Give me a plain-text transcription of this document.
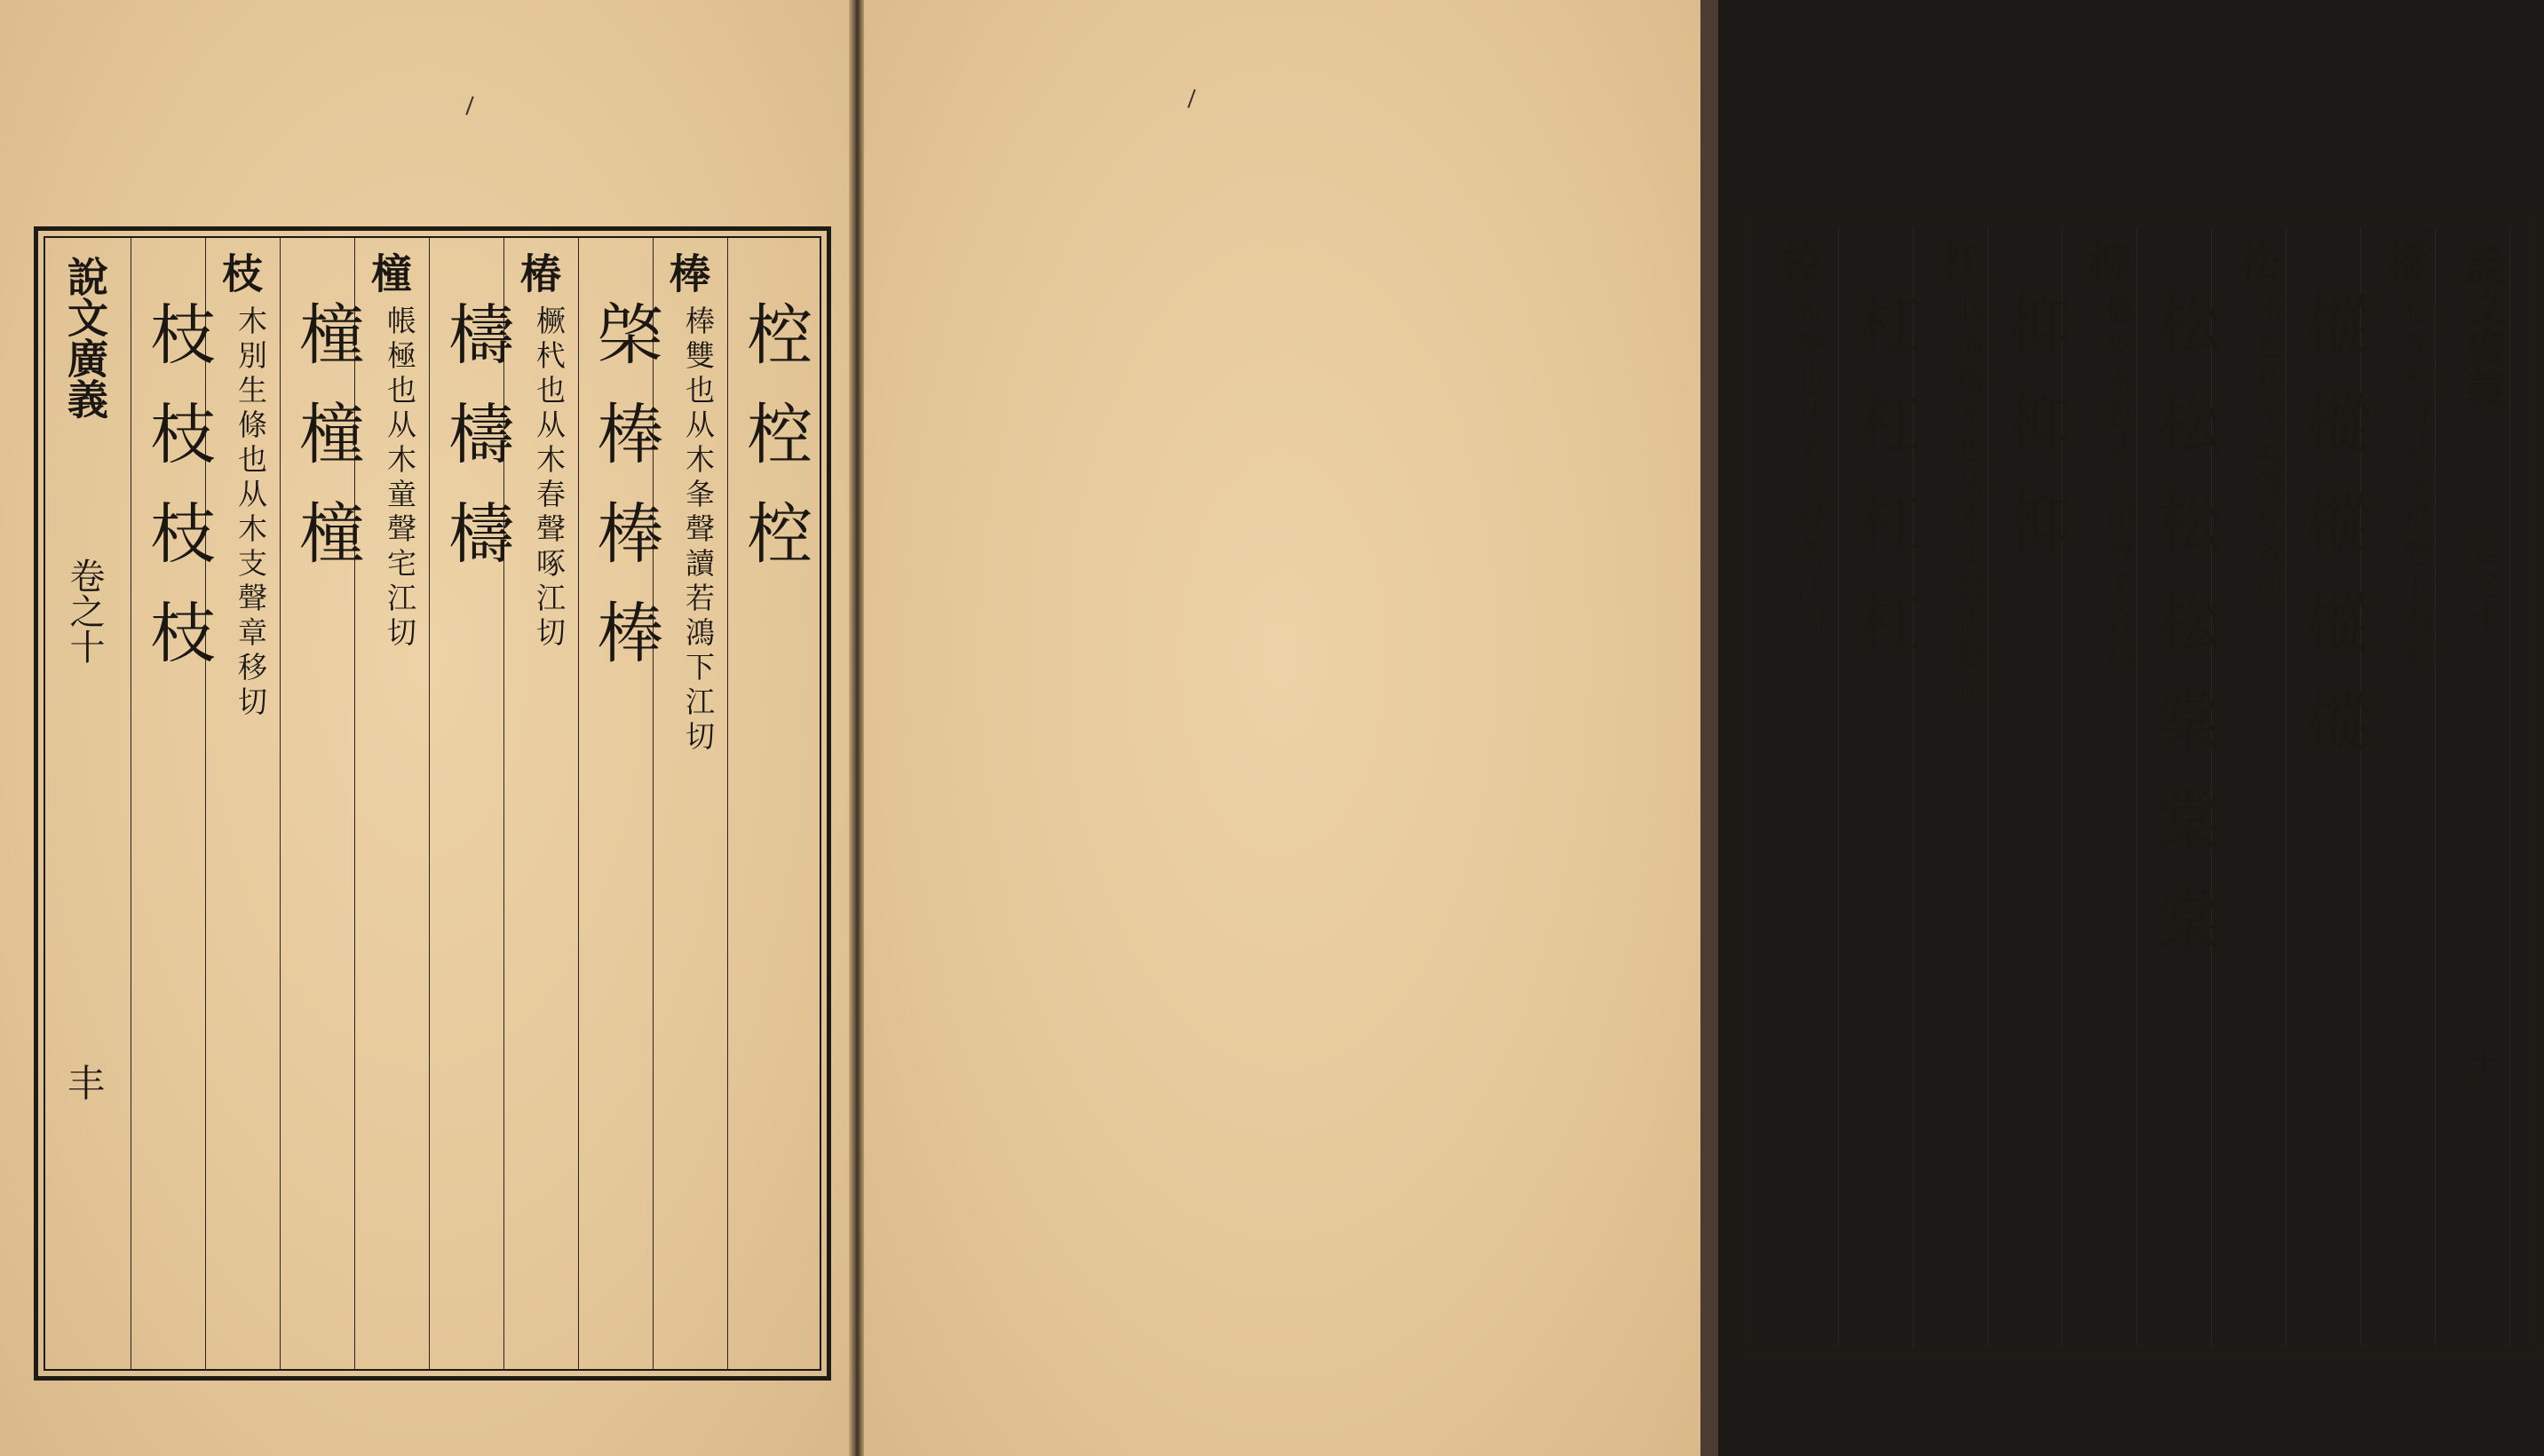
椌椌椌
棒
棒雙也从木夆聲讀若鴻下江切
棨棒棒棒
椿
橛杙也从木春聲啄江切
檮檮檮
橦
帳極也从木童聲宅江切
橦橦橦
枝
木別生條也从木支聲章移切
枝枝枝枝
說文廣義
卷之十
丰
說文廣義
卷之十
土
樅
松葉柏身从木從聲七恭切
樅樅樅樅樅
松
木也从木公聲祥容切
松松松松棠棠棠
柳
欘椐木也从木卬聲渠容切
枊枊枊
杠
牀前横木也从木工聲古雙切
杠杠杠杠
椌
柷樂也从木空聲苦江切
